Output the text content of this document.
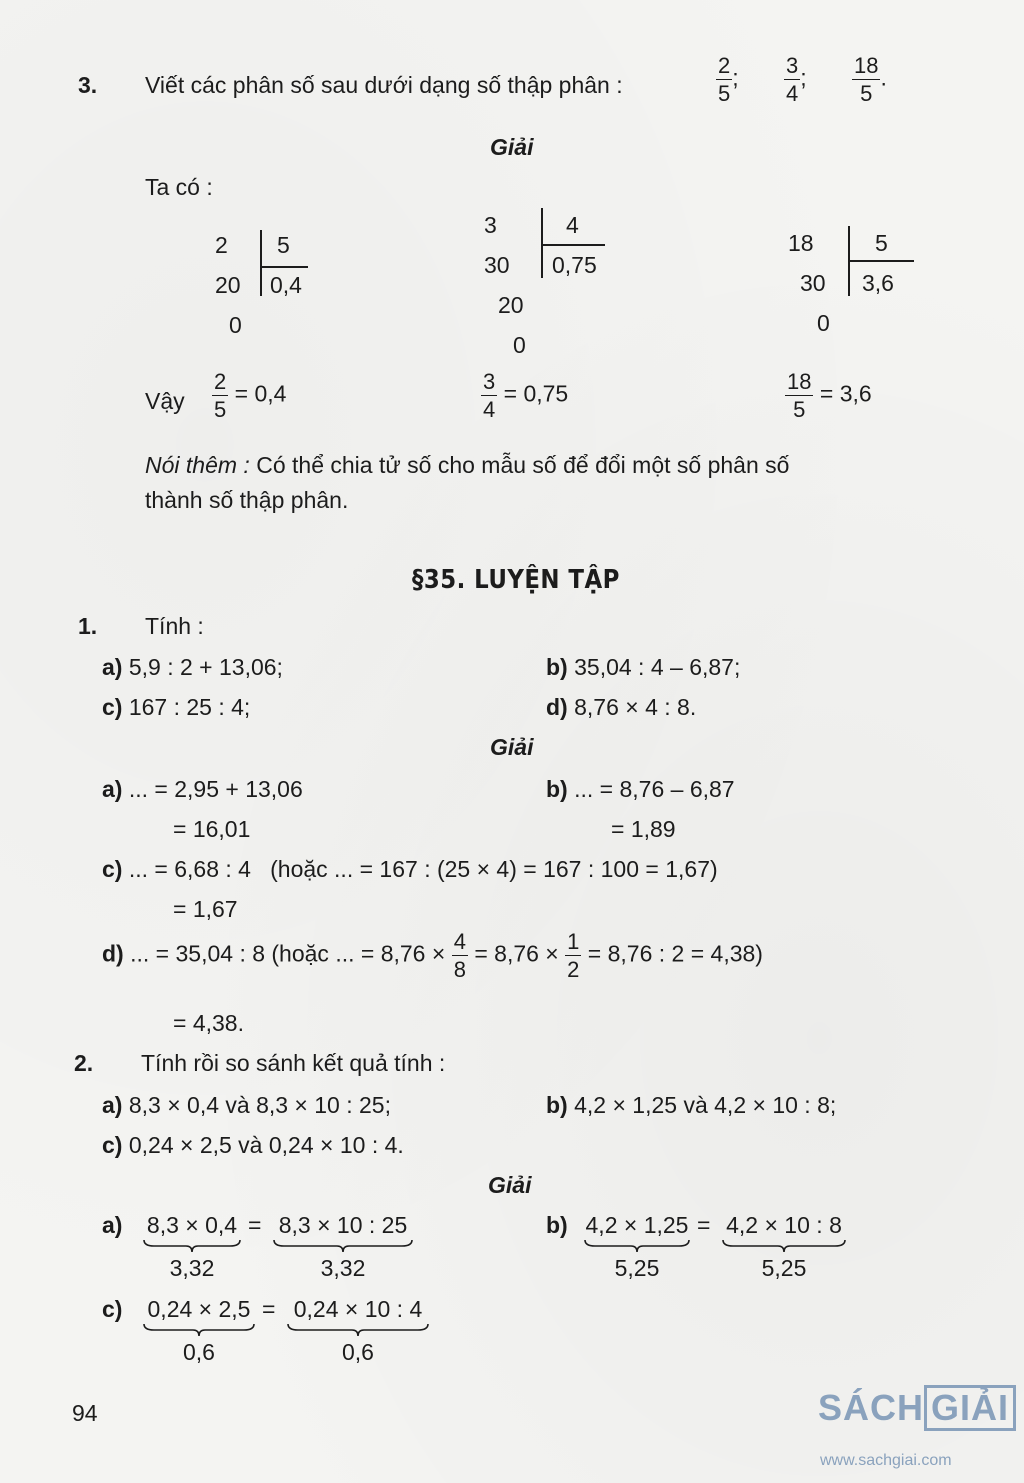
3. Viết các phân số sau dưới dạng số thập phân :	$\frac{2}{5}$ ; $\frac{3}{4}$ ; $\frac{18}{5}$ .
Giải
Ta có :
2 5
20 0,4
0
3	4
30 0,75
20
0
18	5
30 3,6
0
Vậy $\frac{2}{5} = 0,4$	$\frac{3}{4} = 0,75$	$\frac{18}{5} = 3,6$
Nói thêm : Có thể chia tử số cho mẫu số để đổi một số phân số
thành số thập phân.
§35. LUYỆN TẬP
1. Tính :
a) 5,9 : 2 + 13,06;	b) 35,04 : 4 – 6,87;
c) 167 : 25 : 4;	d) 8,76 × 4 : 8.
Giải
a) ... = 2,95 + 13,06
= 16,01
b) ... = 8,76 – 6,87
= 1,89
c) ... = 6,68 : 4   (hoặc ... = 167 : (25 × 4) = 167 : 100 = 1,67)
= 1,67
d) ... = 35,04 : 8 (hoặc ... = $8,76 \times \frac{4}{8} = 8,76 \times \frac{1}{2} = 8,76$ : 2 = 4,38)
= 4,38.
2. Tính rồi so sánh kết quả tính :
a) 8,3 × 0,4 và 8,3 × 10 : 25;	b) 4,2 × 1,25 và 4,2 × 10 : 8;
c) 0,24 × 2,5 và 0,24 × 10 : 4.
Giải
a)	8,3 × 0,4
3,32
= 8,3 × 10 : 25
3,32
b) 4,2 × 1,25
5,25
= 4,2 × 10 : 8
5,25
c)	0,24 × 2,5
0,6
= 0,24 × 10 : 4
0,6
94	SÁCH GIẢI
www.sachgiai.com
